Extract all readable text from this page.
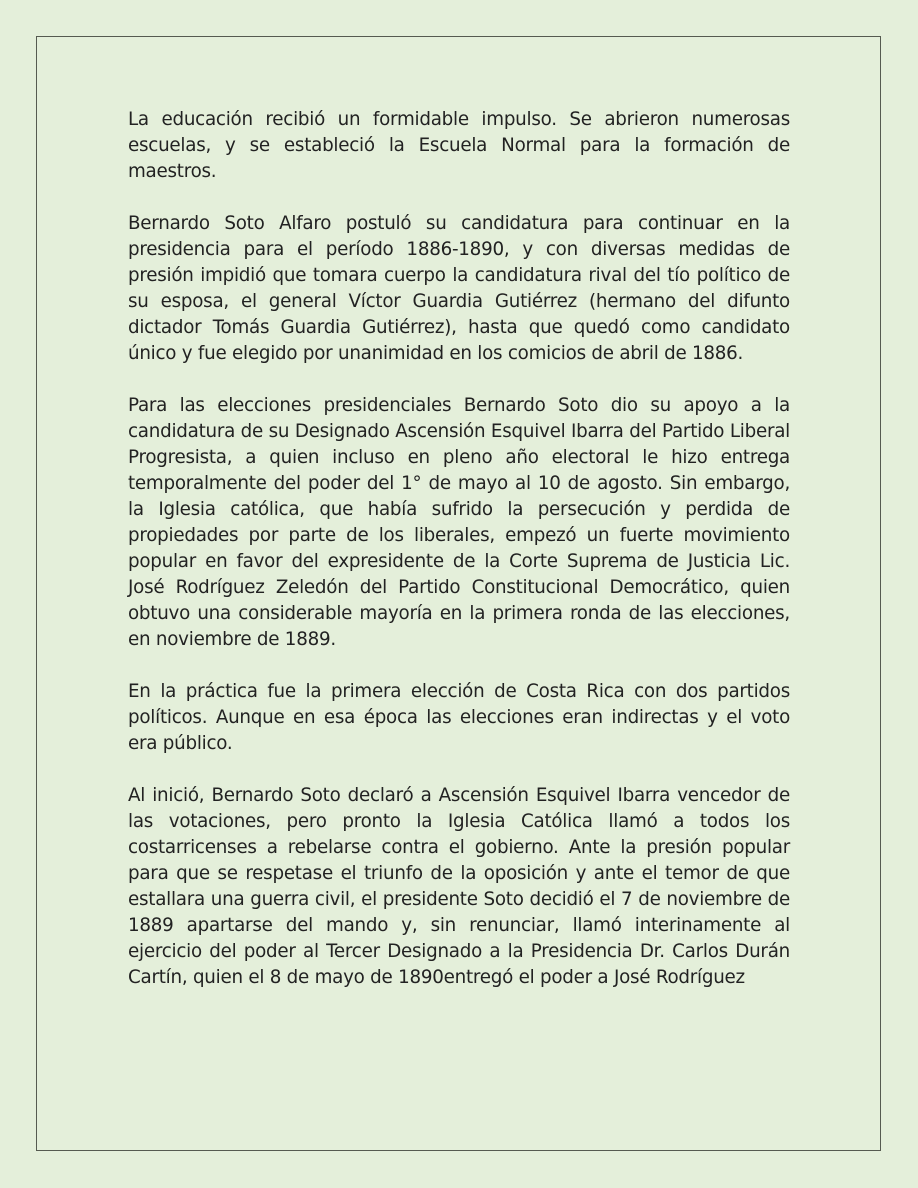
La educación recibió un formidable impulso. Se abrieron numerosas escuelas, y se estableció la Escuela Normal para la formación de maestros.

Bernardo Soto Alfaro postuló su candidatura para continuar en la presidencia para el período 1886-1890, y con diversas medidas de presión impidió que tomara cuerpo la candidatura rival del tío político de su esposa, el general Víctor Guardia Gutiérrez (hermano del difunto dictador Tomás Guardia Gutiérrez), hasta que quedó como candidato único y fue elegido por unanimidad en los comicios de abril de 1886.

Para las elecciones presidenciales Bernardo Soto dio su apoyo a la candidatura de su Designado Ascensión Esquivel Ibarra del Partido Liberal Progresista, a quien incluso en pleno año electoral le hizo entrega temporalmente del poder del 1° de mayo al 10 de agosto. Sin embargo, la Iglesia católica, que había sufrido la persecución y perdida de propiedades por parte de los liberales, empezó un fuerte movimiento popular en favor del expresidente de la Corte Suprema de Justicia Lic. José Rodríguez Zeledón del Partido Constitucional Democrático, quien obtuvo una considerable mayoría en la primera ronda de las elecciones, en noviembre de 1889.

En la práctica fue la primera elección de Costa Rica con dos partidos políticos. Aunque en esa época las elecciones eran indirectas y el voto era público.

Al inició, Bernardo Soto declaró a Ascensión Esquivel Ibarra vencedor de las votaciones, pero pronto la Iglesia Católica llamó a todos los costarricenses a rebelarse contra el gobierno. Ante la presión popular para que se respetase el triunfo de la oposición y ante el temor de que estallara una guerra civil, el presidente Soto decidió el 7 de noviembre de 1889 apartarse del mando y, sin renunciar, llamó interinamente al ejercicio del poder al Tercer Designado a la Presidencia Dr. Carlos Durán Cartín, quien el 8 de mayo de 1890entregó el poder a José Rodríguez
